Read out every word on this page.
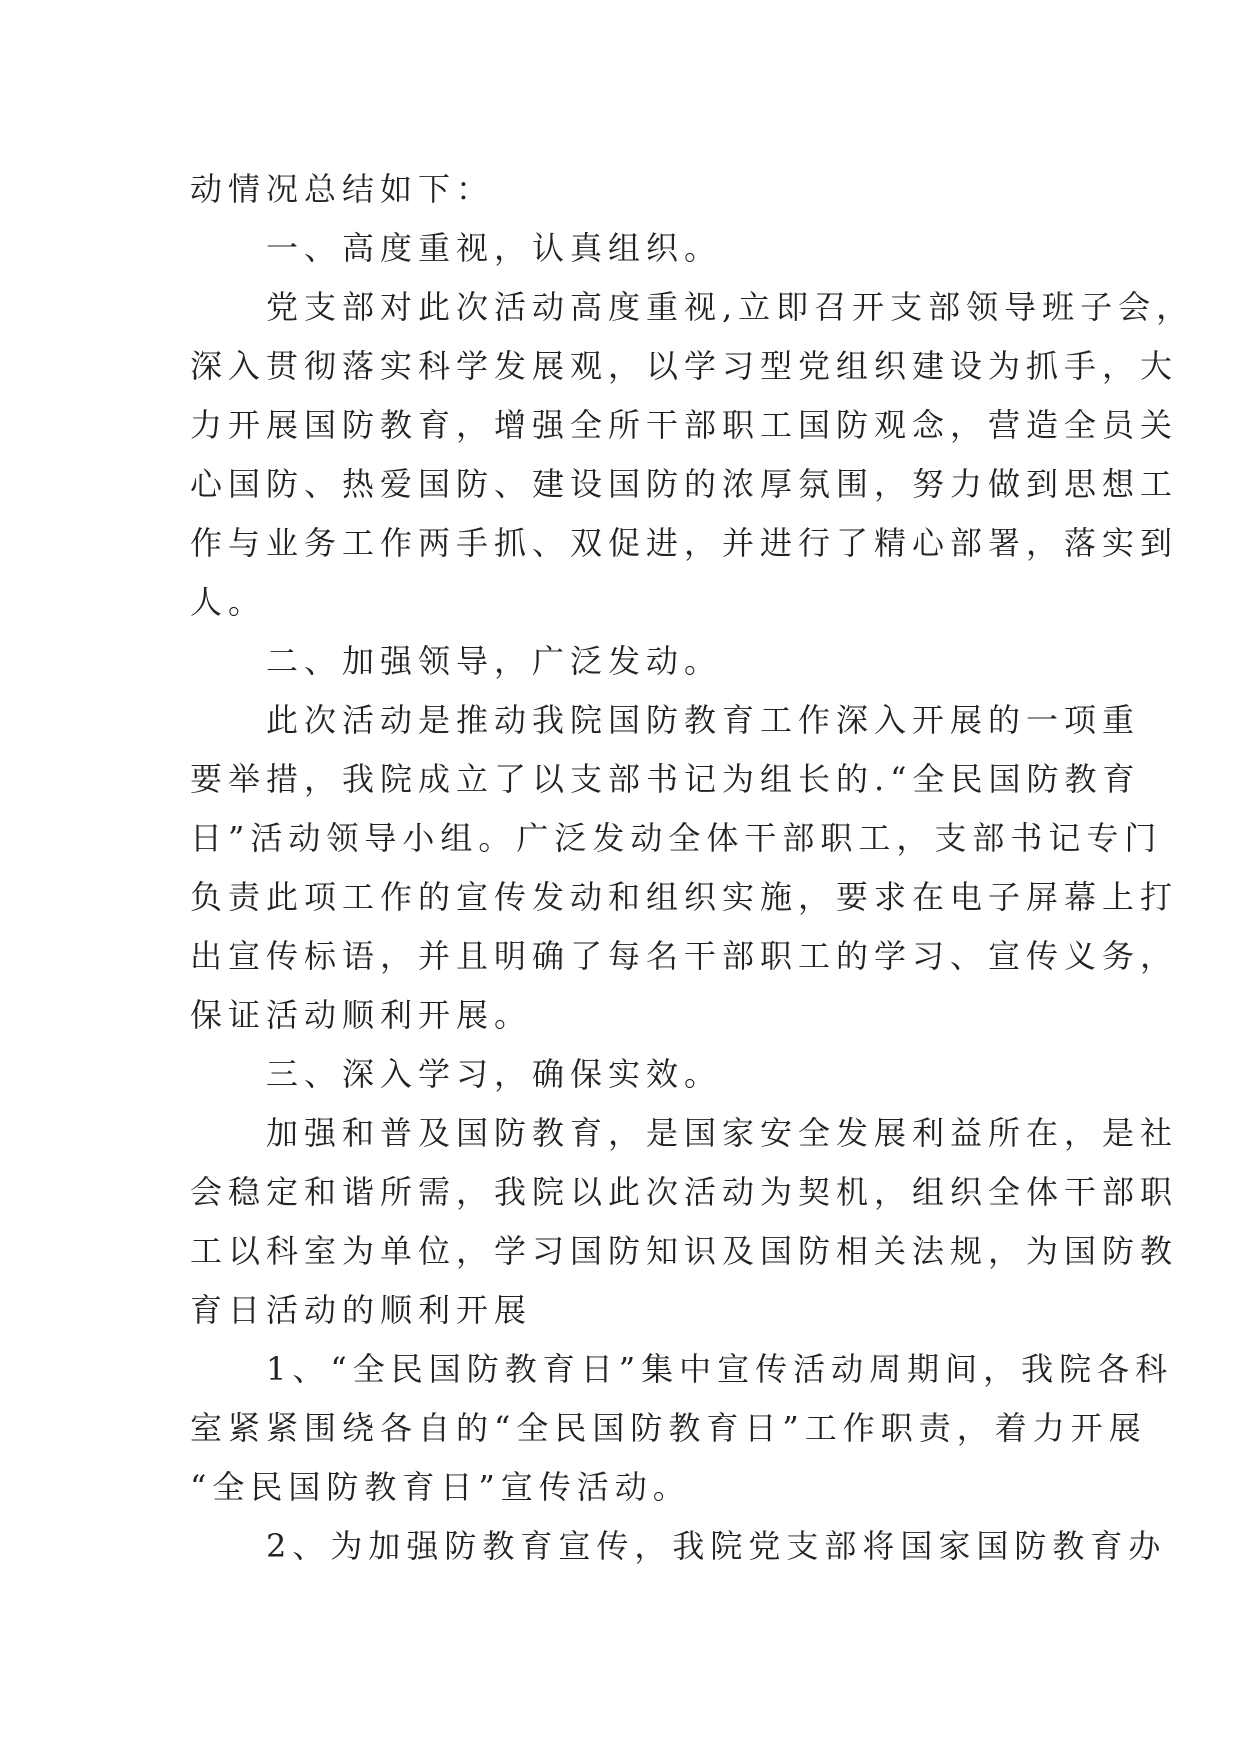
动情况总结如下：
　　一、高度重视，认真组织。
　　党支部对此次活动高度重视,立即召开支部领导班子会，
深入贯彻落实科学发展观，以学习型党组织建设为抓手，大
力开展国防教育，增强全所干部职工国防观念，营造全员关
心国防、热爱国防、建设国防的浓厚氛围，努力做到思想工
作与业务工作两手抓、双促进，并进行了精心部署，落实到
人。
　　二、加强领导，广泛发动。
　　此次活动是推动我院国防教育工作深入开展的一项重
要举措，我院成立了以支部书记为组长的.“全民国防教育
日”活动领导小组。广泛发动全体干部职工，支部书记专门
负责此项工作的宣传发动和组织实施，要求在电子屏幕上打
出宣传标语，并且明确了每名干部职工的学习、宣传义务，
保证活动顺利开展。
　　三、深入学习，确保实效。
　　加强和普及国防教育，是国家安全发展利益所在，是社
会稳定和谐所需，我院以此次活动为契机，组织全体干部职
工以科室为单位，学习国防知识及国防相关法规，为国防教
育日活动的顺利开展
　　1、“全民国防教育日”集中宣传活动周期间，我院各科
室紧紧围绕各自的“全民国防教育日”工作职责，着力开展
“全民国防教育日”宣传活动。
　　2、为加强防教育宣传，我院党支部将国家国防教育办
